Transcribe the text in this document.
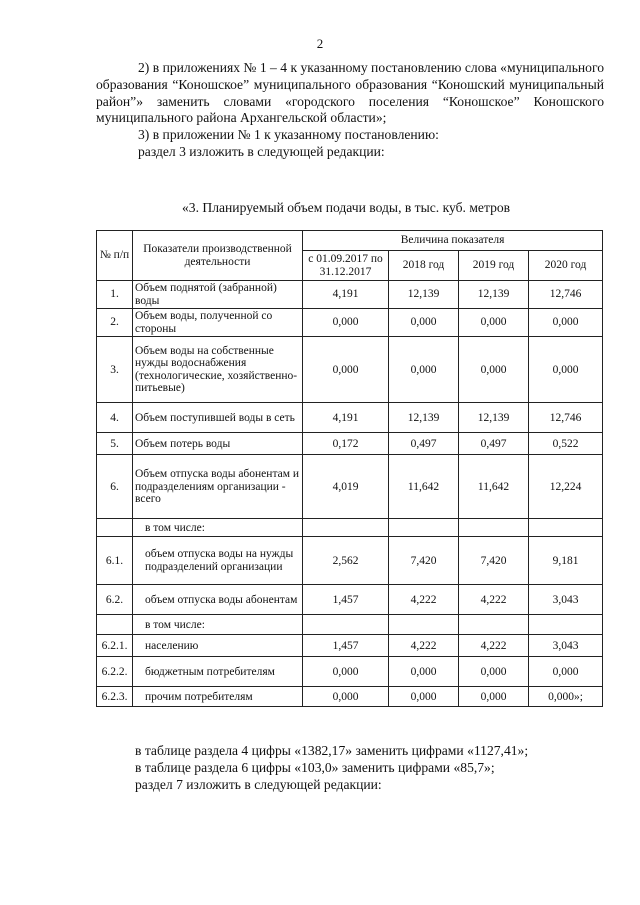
2

2) в приложениях № 1 – 4 к указанному постановлению слова «муниципального образования “Коношское” муниципального образования “Коношский муниципальный район”» заменить словами «городского поселения “Коношское” Коношского муниципального района Архангельской области»;

3) в приложении № 1 к указанному постановлению:

раздел 3 изложить в следующей редакции:

«3. Планируемый объем подачи воды, в тыс. куб. метров
№ п/п	Показатели производственной деятельности	Величина показателя			
		с 01.09.2017 по 31.12.2017	2018 год	2019 год	2020 год
1.	Объем поднятой (забранной) воды	4,191	12,139	12,139	12,746
2.	Объем воды, полученной со стороны	0,000	0,000	0,000	0,000
3.	Объем воды на собственные нужды водоснабжения (технологические, хозяйственно-питьевые)	0,000	0,000	0,000	0,000
4.	Объем поступившей воды в сеть	4,191	12,139	12,139	12,746
5.	Объем потерь воды	0,172	0,497	0,497	0,522
6.	Объем отпуска воды абонентам и подразделениям организации - всего	4,019	11,642	11,642	12,224
	в том числе:				
6.1.	объем отпуска воды на нужды подразделений организации	2,562	7,420	7,420	9,181
6.2.	объем отпуска воды абонентам	1,457	4,222	4,222	3,043
	в том числе:				
6.2.1.	населению	1,457	4,222	4,222	3,043
6.2.2.	бюджетным потребителям	0,000	0,000	0,000	0,000
6.2.3.	прочим потребителям	0,000	0,000	0,000	0,000»;

в таблице раздела 4 цифры «1382,17» заменить цифрами «1127,41»;

в таблице раздела 6 цифры «103,0» заменить цифрами «85,7»;

раздел 7 изложить в следующей редакции:
